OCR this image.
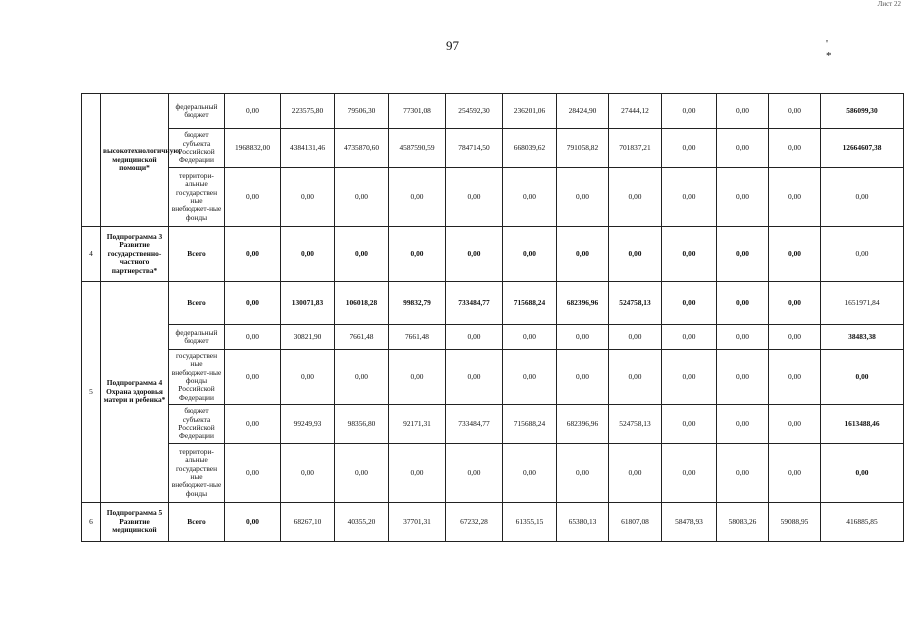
97	' *
Лист 22
	высокотехнологичную, медицинской помощи*	федеральный бюджет	0,00	223575,80	79506,30	77301,08	254592,30	236201,06	28424,90	27444,12	0,00	0,00	0,00	586099,30
		бюджет субъекта Российской Федерации	1968832,00	4384131,46	4735870,60	4587590,59	784714,50	668039,62	791058,82	701837,21	0,00	0,00	0,00	12664607,38
		территори-альные государствен ные внебюджет-ные фонды	0,00	0,00	0,00	0,00	0,00	0,00	0,00	0,00	0,00	0,00	0,00	0,00
4	Подпрограмма 3 Развитие государственно-частного партнерства*	Всего	0,00	0,00	0,00	0,00	0,00	0,00	0,00	0,00	0,00	0,00	0,00	0,00
5	Подпрограмма 4 Охрана здоровья матери и ребенка*	Всего	0,00	130071,83	106018,28	99832,79	733484,77	715688,24	682396,96	524758,13	0,00	0,00	0,00	1651971,84
		федеральный бюджет	0,00	30821,90	7661,48	7661,48	0,00	0,00	0,00	0,00	0,00	0,00	0,00	38483,38
		государствен ные внебюджет-ные фонды Российской Федерации	0,00	0,00	0,00	0,00	0,00	0,00	0,00	0,00	0,00	0,00	0,00	0,00
		бюджет субъекта Российской Федерации	0,00	99249,93	98356,80	92171,31	733484,77	715688,24	682396,96	524758,13	0,00	0,00	0,00	1613488,46
		территори-альные государствен ные внебюджет-ные фонды	0,00	0,00	0,00	0,00	0,00	0,00	0,00	0,00	0,00	0,00	0,00	0,00
6	Подпрограмма 5 Развитие медицинской	Всего	0,00	68267,10	40355,20	37701,31	67232,28	61355,15	65380,13	61807,08	58478,93	58083,26	59088,95	416885,85
